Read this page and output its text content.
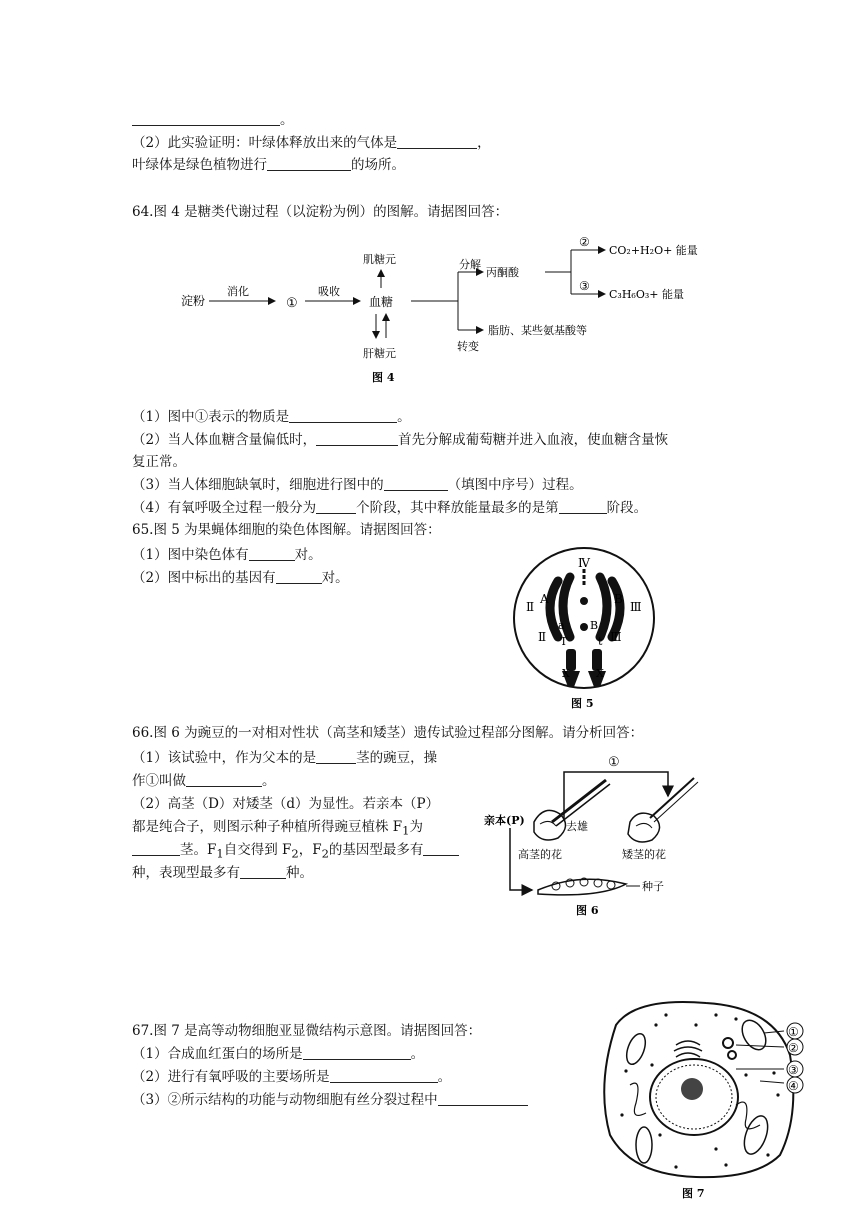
。
（2）此实验证明：叶绿体释放出来的气体是	，
叶绿体是绿色植物进行	的场所。
64.图 4 是糖类代谢过程（以淀粉为例）的图解。请据图回答：
淀粉
消化
①
吸收
肌糖元
血糖
肝糖元
分解
丙酮酸
②
③
CO₂+H₂O+ 能量
C₃H₆O₃+ 能量
脂肪、某些氨基酸等
转变
图 4
（1）图中①表示的物质是	。
（2）当人体血糖含量偏低时，	首先分解成葡萄糖并进入血液，使血糖含量恢
复正常。
（3）当人体细胞缺氧时，细胞进行图中的	（填图中序号）过程。
（4）有氧呼吸全过程一般分为	个阶段，其中释放能量最多的是第	阶段。
65.图 5 为果蝇体细胞的染色体图解。请据图回答：
（1）图中染色体有	对。
（2）图中标出的基因有	对。
Ⅳ
Ⅱ
A	B
Ⅲ
a B
Ⅱ	Ⅲ
T	t
X X
图 5
66.图 6 为豌豆的一对相对性状（高茎和矮茎）遗传试验过程部分图解。请分析回答：
（1）该试验中，作为父本的是	茎的豌豆，操
作①叫做	。
（2）高茎（D）对矮茎（d）为显性。若亲本（P）
都是纯合子，则图示种子种植所得豌豆植株 $F_1$为
茎。$F_1$自交得到 $F_2$，$F_2$的基因型最多有
种，表现型最多有	种。
①
亲本(P)	去雄
高茎的花	矮茎的花
种子
图 6
67.图 7 是高等动物细胞亚显微结构示意图。请据图回答：
（1）合成血红蛋白的场所是	。
（2）进行有氧呼吸的主要场所是	。
（3）②所示结构的功能与动物细胞有丝分裂过程中
①
②
③
④
图 7
